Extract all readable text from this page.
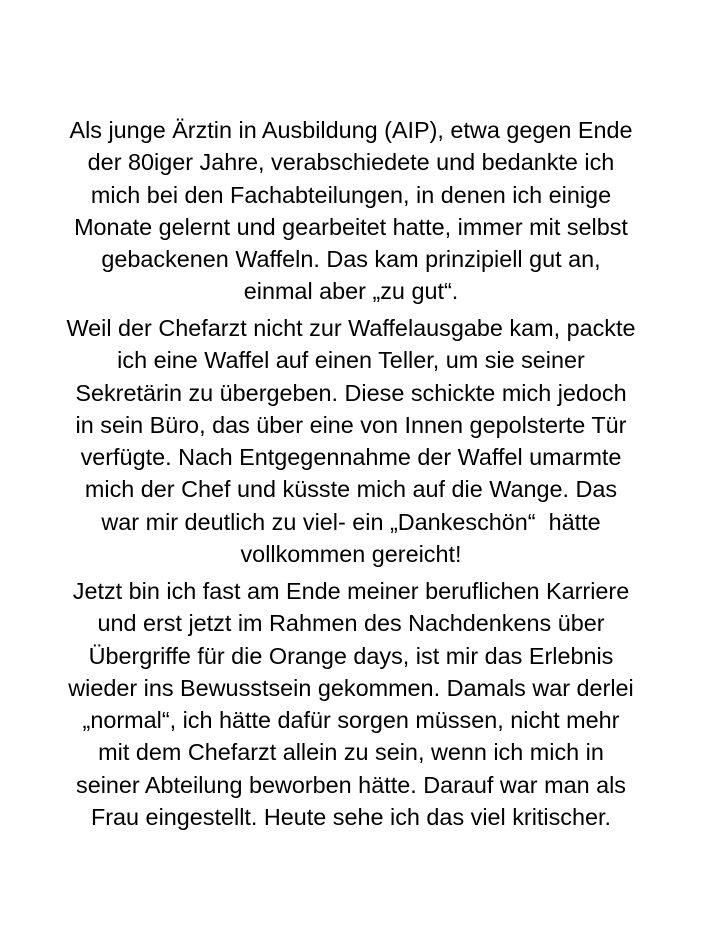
Als junge Ärztin in Ausbildung (AIP), etwa gegen Ende
der 80iger Jahre, verabschiedete und bedankte ich
mich bei den Fachabteilungen, in denen ich einige
Monate gelernt und gearbeitet hatte, immer mit selbst
gebackenen Waffeln. Das kam prinzipiell gut an,
einmal aber „zu gut“.
Weil der Chefarzt nicht zur Waffelausgabe kam, packte
ich eine Waffel auf einen Teller, um sie seiner
Sekretärin zu übergeben. Diese schickte mich jedoch
in sein Büro, das über eine von Innen gepolsterte Tür
verfügte. Nach Entgegennahme der Waffel umarmte
mich der Chef und küsste mich auf die Wange. Das
war mir deutlich zu viel- ein „Dankeschön“  hätte
vollkommen gereicht!
Jetzt bin ich fast am Ende meiner beruflichen Karriere
und erst jetzt im Rahmen des Nachdenkens über
Übergriffe für die Orange days, ist mir das Erlebnis
wieder ins Bewusstsein gekommen. Damals war derlei
„normal“, ich hätte dafür sorgen müssen, nicht mehr
mit dem Chefarzt allein zu sein, wenn ich mich in
seiner Abteilung beworben hätte. Darauf war man als
Frau eingestellt. Heute sehe ich das viel kritischer.
